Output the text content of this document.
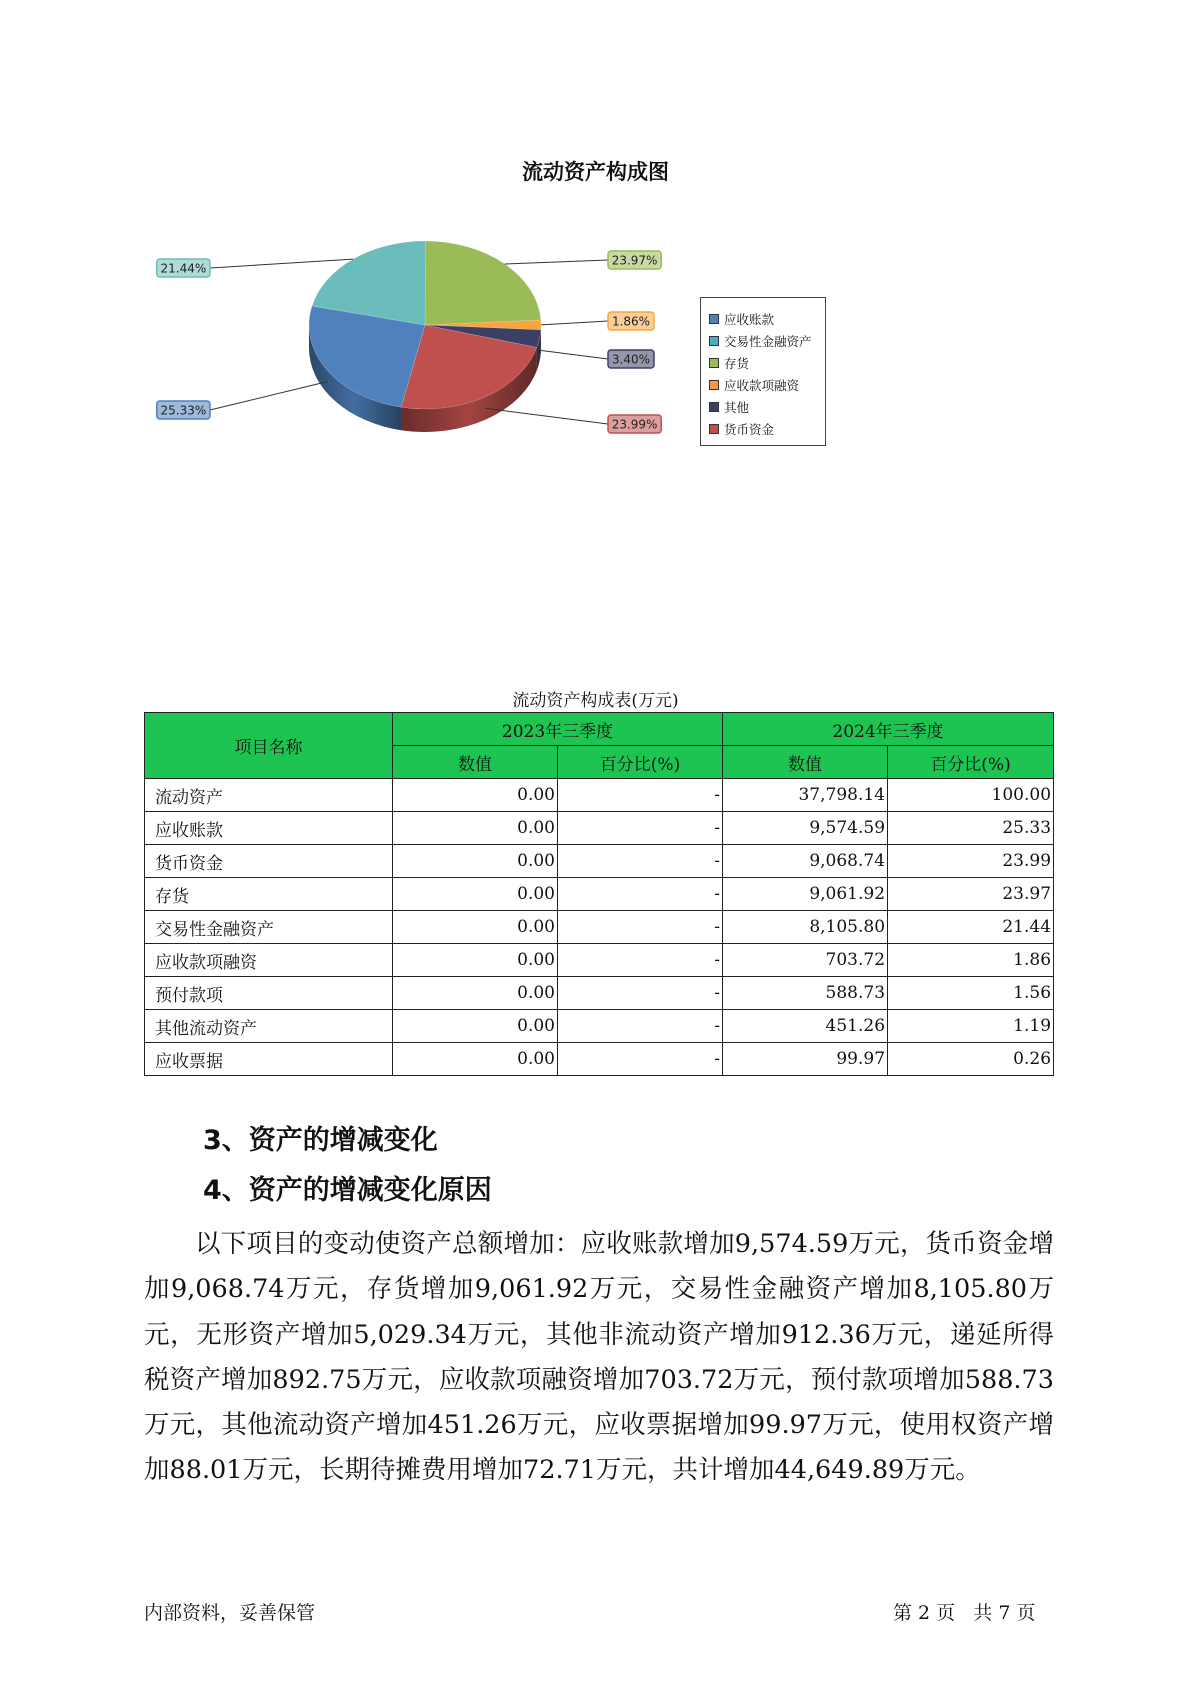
流动资产构成图
23.97%
1.86%
3.40%
23.99%
25.33%
21.44%
应收账款
交易性金融资产
存货
应收款项融资
其他
货币资金
流动资产构成表(万元)
项目名称	2023年三季度		2024年三季度	
	数值	百分比(%)	数值	百分比(%)
流动资产	0.00	-	37,798.14	100.00
应收账款	0.00	-	9,574.59	25.33
货币资金	0.00	-	9,068.74	23.99
存货	0.00	-	9,061.92	23.97
交易性金融资产	0.00	-	8,105.80	21.44
应收款项融资	0.00	-	703.72	1.86
预付款项	0.00	-	588.73	1.56
其他流动资产	0.00	-	451.26	1.19
应收票据	0.00	-	99.97	0.26
3、资产的增减变化
4、资产的增减变化原因

以下项目的变动使资产总额增加：应收账款增加9,574.59万元，货币资金增加9,068.74万元，存货增加9,061.92万元，交易性金融资产增加8,105.80万元，无形资产增加5,029.34万元，其他非流动资产增加912.36万元，递延所得税资产增加892.75万元，应收款项融资增加703.72万元，预付款项增加588.73万元，其他流动资产增加451.26万元，应收票据增加99.97万元，使用权资产增加88.01万元，长期待摊费用增加72.71万元，共计增加44,649.89万元。

内部资料，妥善保管	第 2 页   共 7 页
